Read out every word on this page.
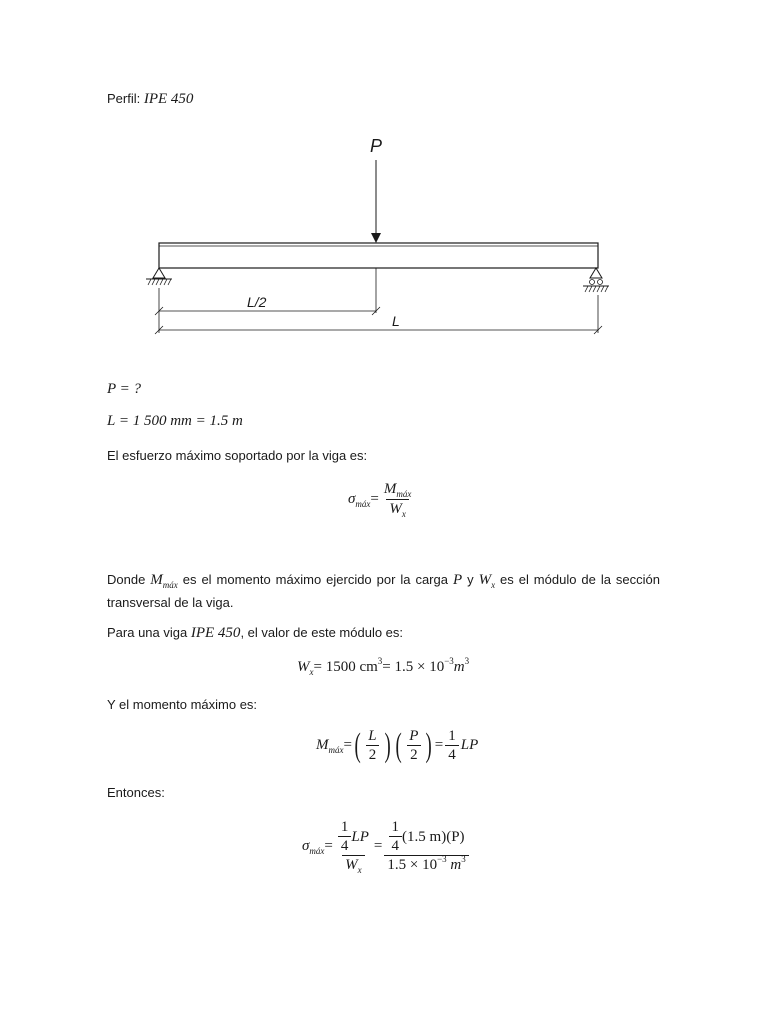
Perfil: IPE 450
P
L/2
L
P = ?
L = 1 500 mm = 1.5 m
El esfuerzo máximo soportado por la viga es:
σ máx = $\frac{M_{máx}}{W_x}$
Donde $M_{máx}$ es el momento máximo ejercido por la carga P y $W_x$ es el módulo de la sección transversal de la viga.
Para una viga IPE 450, el valor de este módulo es:
W x = 1500 cm 3 = 1.5 × 10 −3 m 3
Y el momento máximo es:
M máx = ( $\frac{L}{2}$ ) ( $\frac{P}{2}$ ) = $\frac{1}{4}$ LP
Entonces:
σ máx = $\frac{\frac{1}{4} LP}{W_x} = \frac{\frac{1}{4} (1.5 m)(P)}{1.5 \times 10^{-3} m^3}$
